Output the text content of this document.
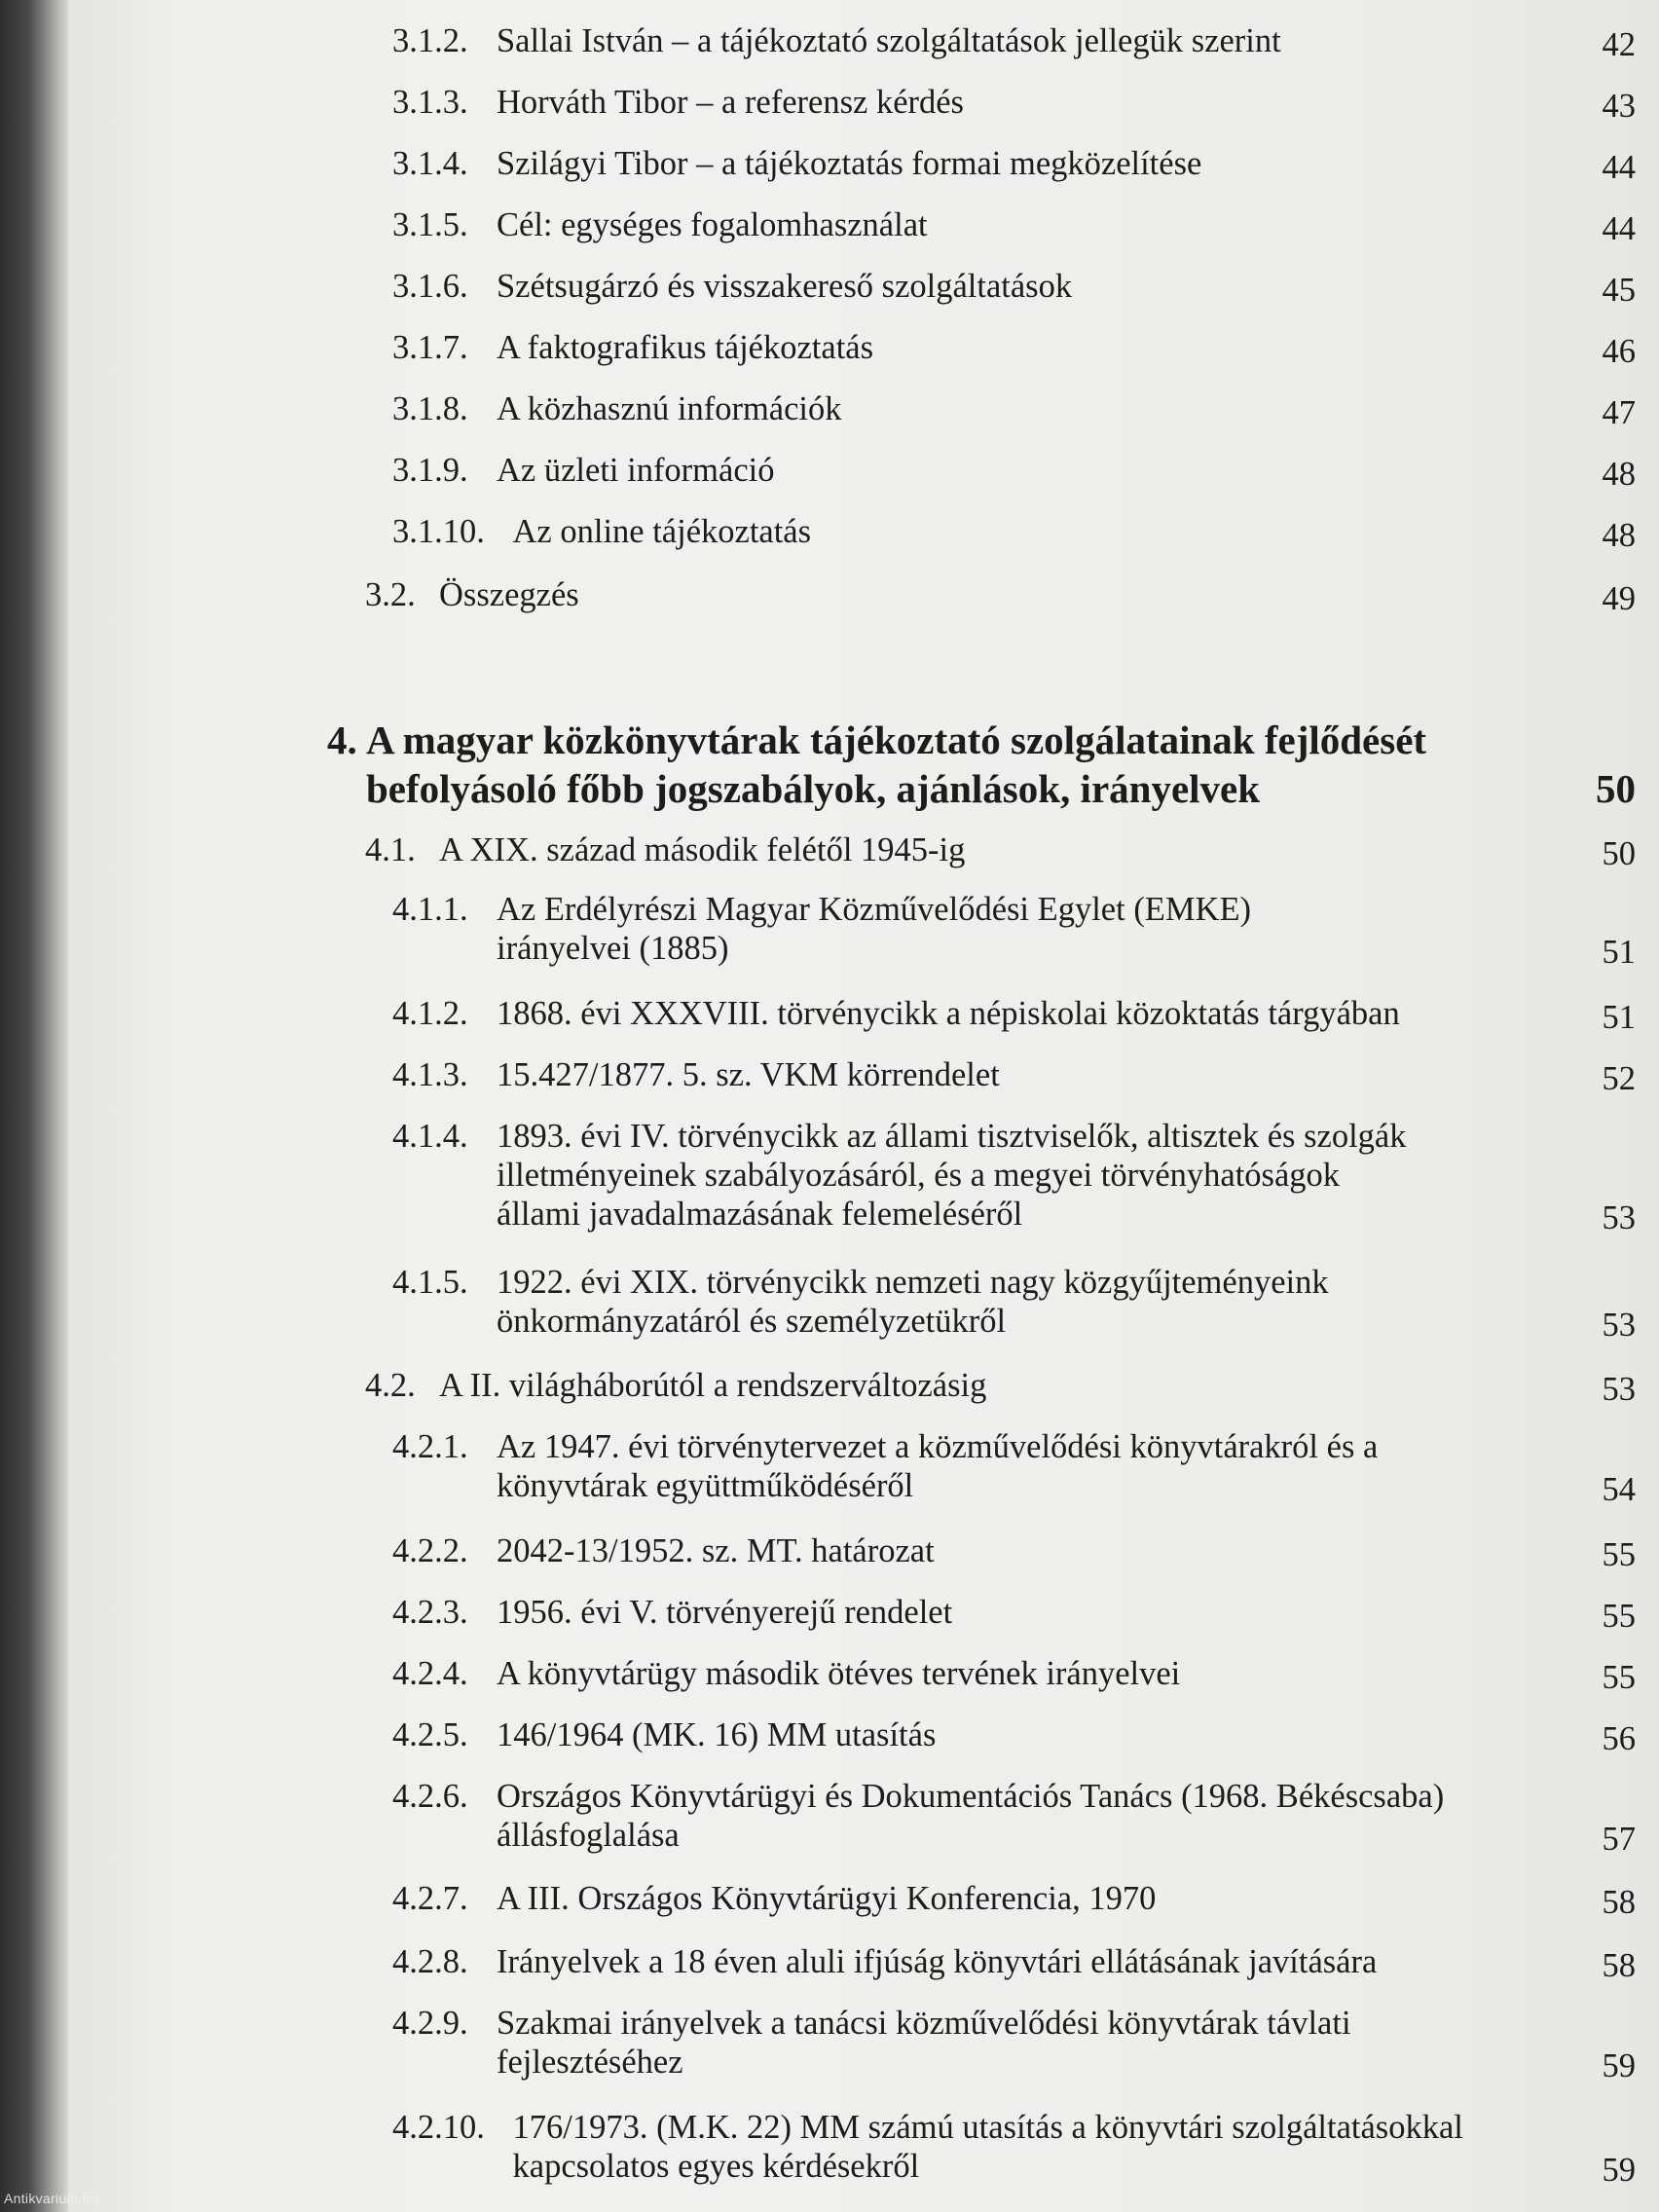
3.1.2. Sallai István – a tájékoztató szolgáltatások jellegük szerint	42
3.1.3. Horváth Tibor – a referensz kérdés	43
3.1.4. Szilágyi Tibor – a tájékoztatás formai megközelítése	44
3.1.5. Cél: egységes fogalomhasználat	44
3.1.6. Szétsugárzó és visszakereső szolgáltatások	45
3.1.7. A faktografikus tájékoztatás	46
3.1.8. A közhasznú információk	47
3.1.9. Az üzleti információ	48
3.1.10. Az online tájékoztatás	48
3.2. Összegzés	49
4. A magyar közkönyvtárak tájékoztató szolgálatainak fejlődését
befolyásoló főbb jogszabályok, ajánlások, irányelvek	50
4.1. A XIX. század második felétől 1945-ig	50
4.1.1. Az Erdélyrészi Magyar Közművelődési Egylet (EMKE)
irányelvei (1885)	51
4.1.2. 1868. évi XXXVIII. törvénycikk a népiskolai közoktatás tárgyában	51
4.1.3. 15.427/1877. 5. sz. VKM körrendelet	52
4.1.4. 1893. évi IV. törvénycikk az állami tisztviselők, altisztek és szolgák
illetményeinek szabályozásáról, és a megyei törvényhatóságok
állami javadalmazásának felemeléséről	53
4.1.5. 1922. évi XIX. törvénycikk nemzeti nagy közgyűjteményeink
önkormányzatáról és személyzetükről	53
4.2. A II. világháborútól a rendszerváltozásig	53
4.2.1. Az 1947. évi törvénytervezet a közművelődési könyvtárakról és a
könyvtárak együttműködéséről	54
4.2.2. 2042-13/1952. sz. MT. határozat	55
4.2.3. 1956. évi V. törvényerejű rendelet	55
4.2.4. A könyvtárügy második ötéves tervének irányelvei	55
4.2.5. 146/1964 (MK. 16) MM utasítás	56
4.2.6. Országos Könyvtárügyi és Dokumentációs Tanács (1968. Békéscsaba)
állásfoglalása	57
4.2.7. A III. Országos Könyvtárügyi Konferencia, 1970	58
4.2.8. Irányelvek a 18 éven aluli ifjúság könyvtári ellátásának javítására	58
4.2.9. Szakmai irányelvek a tanácsi közművelődési könyvtárak távlati
fejlesztéséhez	59
4.2.10. 176/1973. (M.K. 22) MM számú utasítás a könyvtári szolgáltatásokkal
kapcsolatos egyes kérdésekről	59
Antikvarium.hu
